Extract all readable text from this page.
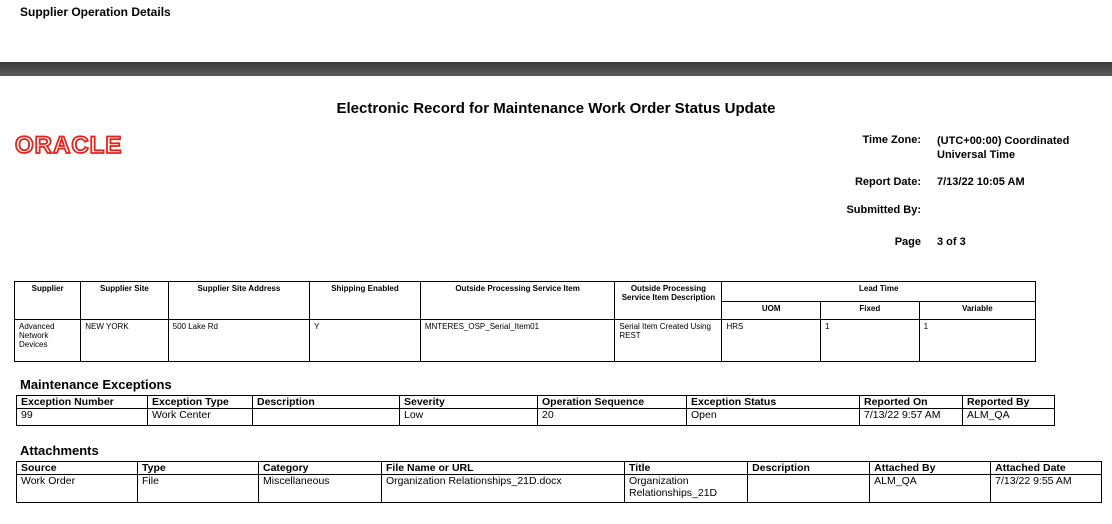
Supplier Operation Details
Electronic Record for Maintenance Work Order Status Update
ORACLE	Time Zone: (UTC+00:00) Coordinated Universal Time
Report Date: 7/13/22 10:05 AM
Submitted By:
Page 3 of 3
Supplier	Supplier Site	Supplier Site Address	Shipping Enabled	Outside Processing Service Item	Outside Processing Service Item Description	Lead Time		
						UOM	Fixed	Variable
Advanced Network Devices	NEW YORK	500 Lake Rd	Y	MNTERES_OSP_Serial_Item01	Serial Item Created Using REST	HRS	1	1
Maintenance Exceptions
Exception Number	Exception Type	Description	Severity	Operation Sequence	Exception Status	Reported On	Reported By
99	Work Center		Low	20	Open	7/13/22 9:57 AM	ALM_QA
Attachments
Source	Type	Category	File Name or URL	Title	Description	Attached By	Attached Date
Work Order	File	Miscellaneous	Organization Relationships_21D.docx	Organization Relationships_21D		ALM_QA	7/13/22 9:55 AM
